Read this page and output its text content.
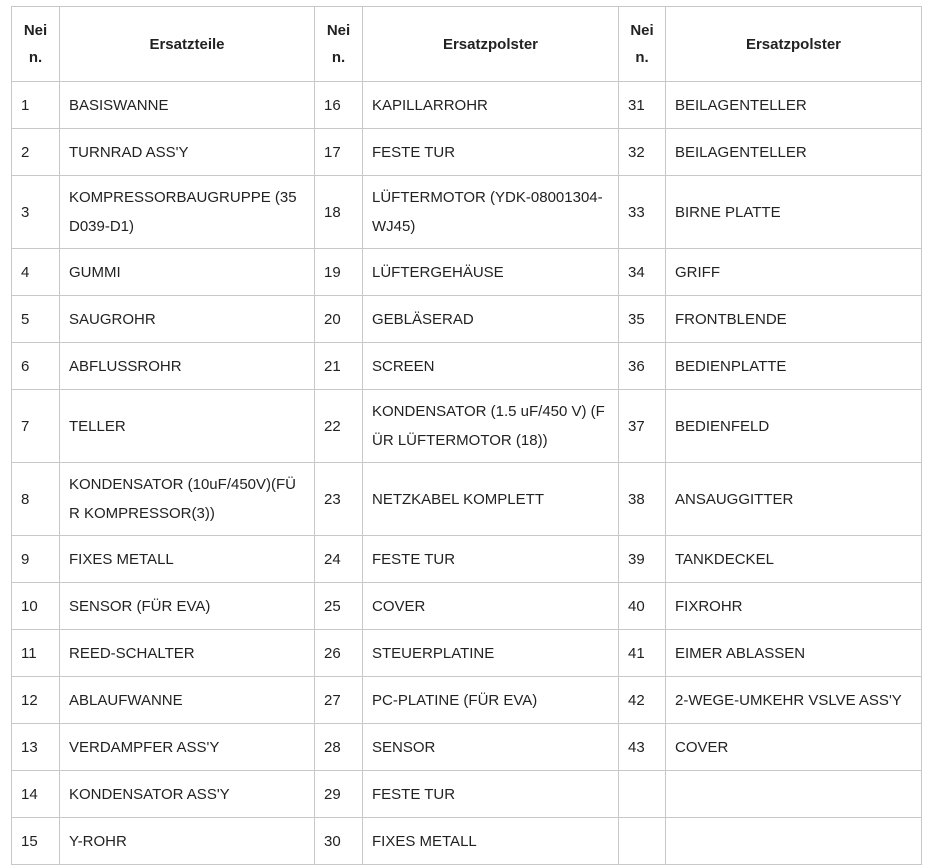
Nei n.	Ersatzteile	Nei n.	Ersatzpolster	Nei n.	Ersatzpolster
1	BASISWANNE	16	KAPILLARROHR	31	BEILAGENTELLER
2	TURNRAD ASS'Y	17	FESTE TUR	32	BEILAGENTELLER
3	KOMPRESSORBAUGRUPPE (35D039-D1)	18	LÜFTERMOTOR (YDK-08001304-WJ45)	33	BIRNE PLATTE
4	GUMMI	19	LÜFTERGEHÄUSE	34	GRIFF
5	SAUGROHR	20	GEBLÄSERAD	35	FRONTBLENDE
6	ABFLUSSROHR	21	SCREEN	36	BEDIENPLATTE
7	TELLER	22	KONDENSATOR (1.5 uF/450 V) (FÜR LÜFTERMOTOR (18))	37	BEDIENFELD
8	KONDENSATOR (10uF/450V)(FÜR KOMPRESSOR(3))	23	NETZKABEL KOMPLETT	38	ANSAUGGITTER
9	FIXES METALL	24	FESTE TUR	39	TANKDECKEL
10	SENSOR (FÜR EVA)	25	COVER	40	FIXROHR
11	REED-SCHALTER	26	STEUERPLATINE	41	EIMER ABLASSEN
12	ABLAUFWANNE	27	PC-PLATINE (FÜR EVA)	42	2-WEGE-UMKEHR VSLVE ASS'Y
13	VERDAMPFER ASS'Y	28	SENSOR	43	COVER
14	KONDENSATOR ASS'Y	29	FESTE TUR		
15	Y-ROHR	30	FIXES METALL		
